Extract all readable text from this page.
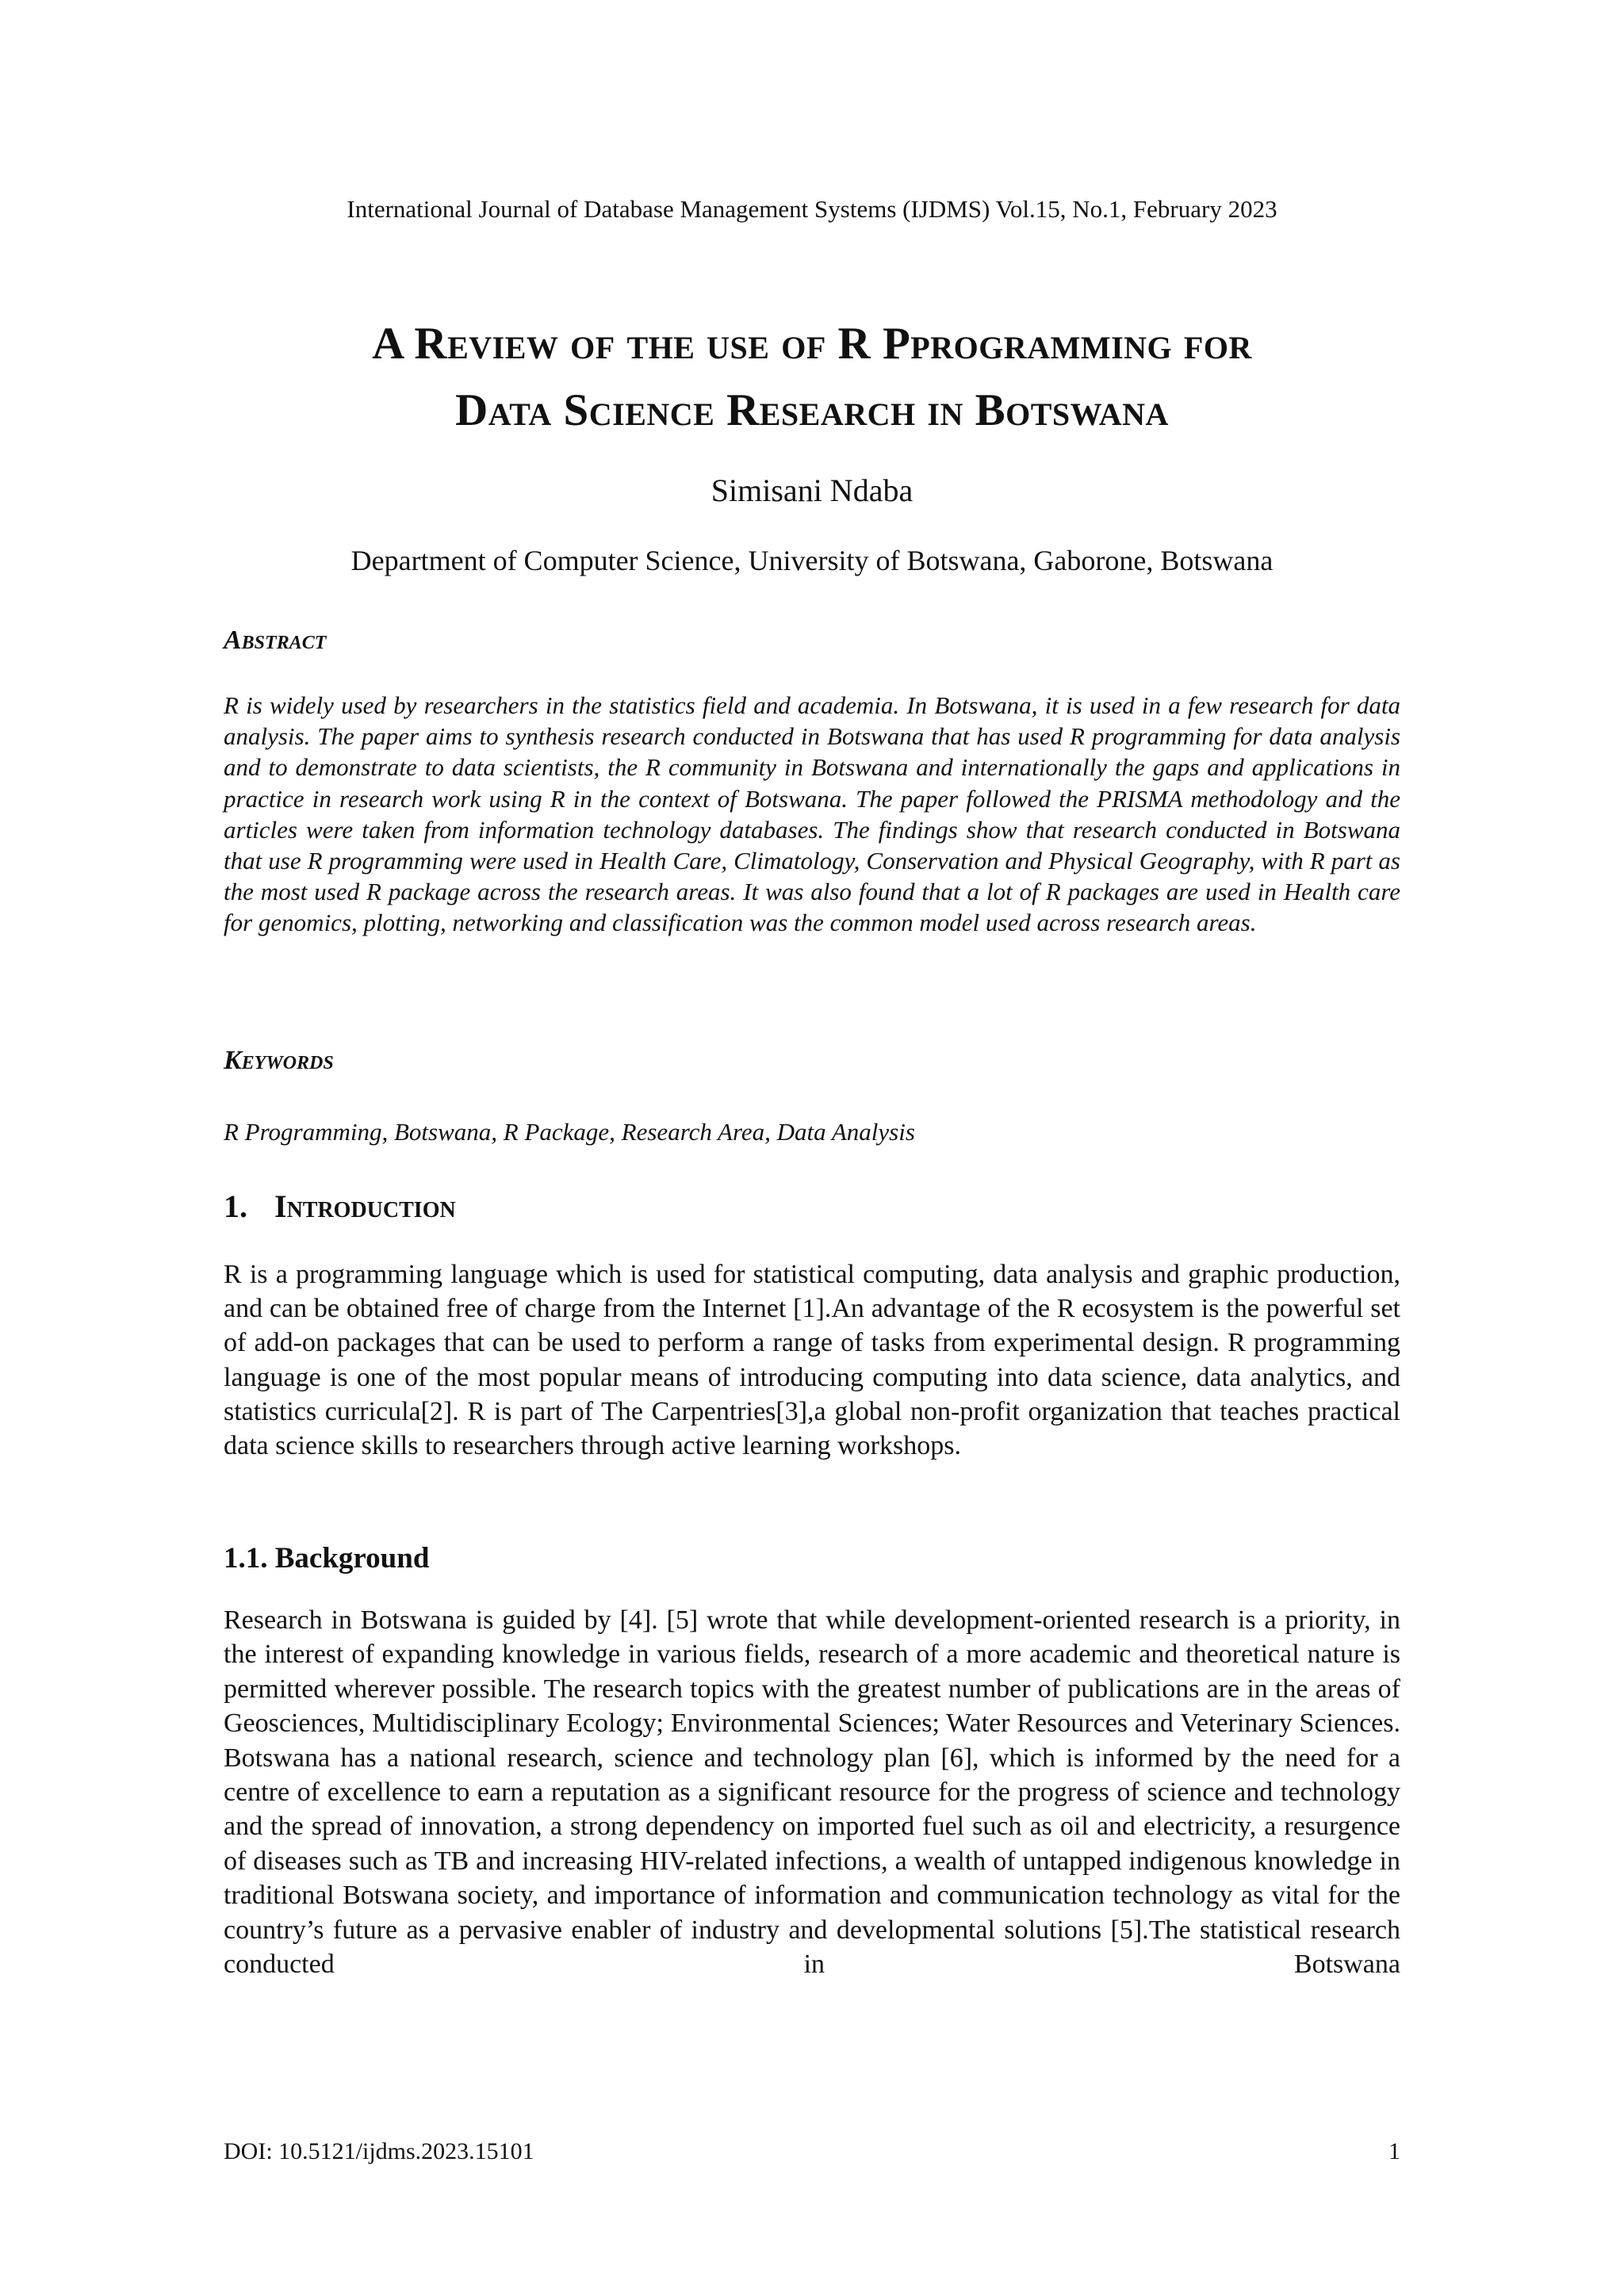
International Journal of Database Management Systems (IJDMS) Vol.15, No.1, February 2023
A Review of the use of R Pprogramming for
Data Science Research in Botswana
Simisani Ndaba
Department of Computer Science, University of Botswana, Gaborone, Botswana
Abstract
R is widely used by researchers in the statistics field and academia. In Botswana, it is used in a few research for data analysis. The paper aims to synthesis research conducted in Botswana that has used R programming for data analysis and to demonstrate to data scientists, the R community in Botswana and internationally the gaps and applications in practice in research work using R in the context of Botswana. The paper followed the PRISMA methodology and the articles were taken from information technology databases. The findings show that research conducted in Botswana that use R programming were used in Health Care, Climatology, Conservation and Physical Geography, with R part as the most used R package across the research areas. It was also found that a lot of R packages are used in Health care for genomics, plotting, networking and classification was the common model used across research areas.
Keywords
R Programming, Botswana, R Package, Research Area, Data Analysis
1. Introduction
R is a programming language which is used for statistical computing, data analysis and graphic production, and can be obtained free of charge from the Internet [1].An advantage of the R ecosystem is the powerful set of add-on packages that can be used to perform a range of tasks from experimental design. R programming language is one of the most popular means of introducing computing into data science, data analytics, and statistics curricula[2]. R is part of The Carpentries[3],a global non-profit organization that teaches practical data science skills to researchers through active learning workshops.
1.1. Background
Research in Botswana is guided by [4]. [5] wrote that while development-oriented research is a priority, in the interest of expanding knowledge in various fields, research of a more academic and theoretical nature is permitted wherever possible. The research topics with the greatest number of publications are in the areas of Geosciences, Multidisciplinary Ecology; Environmental Sciences; Water Resources and Veterinary Sciences. Botswana has a national research, science and technology plan [6], which is informed by the need for a centre of excellence to earn a reputation as a significant resource for the progress of science and technology and the spread of innovation, a strong dependency on imported fuel such as oil and electricity, a resurgence of diseases such as TB and increasing HIV-related infections, a wealth of untapped indigenous knowledge in traditional Botswana society, and importance of information and communication technology as vital for the country’s future as a pervasive enabler of industry and developmental solutions [5].The statistical research conducted in Botswana
DOI: 10.5121/ijdms.2023.15101	1
